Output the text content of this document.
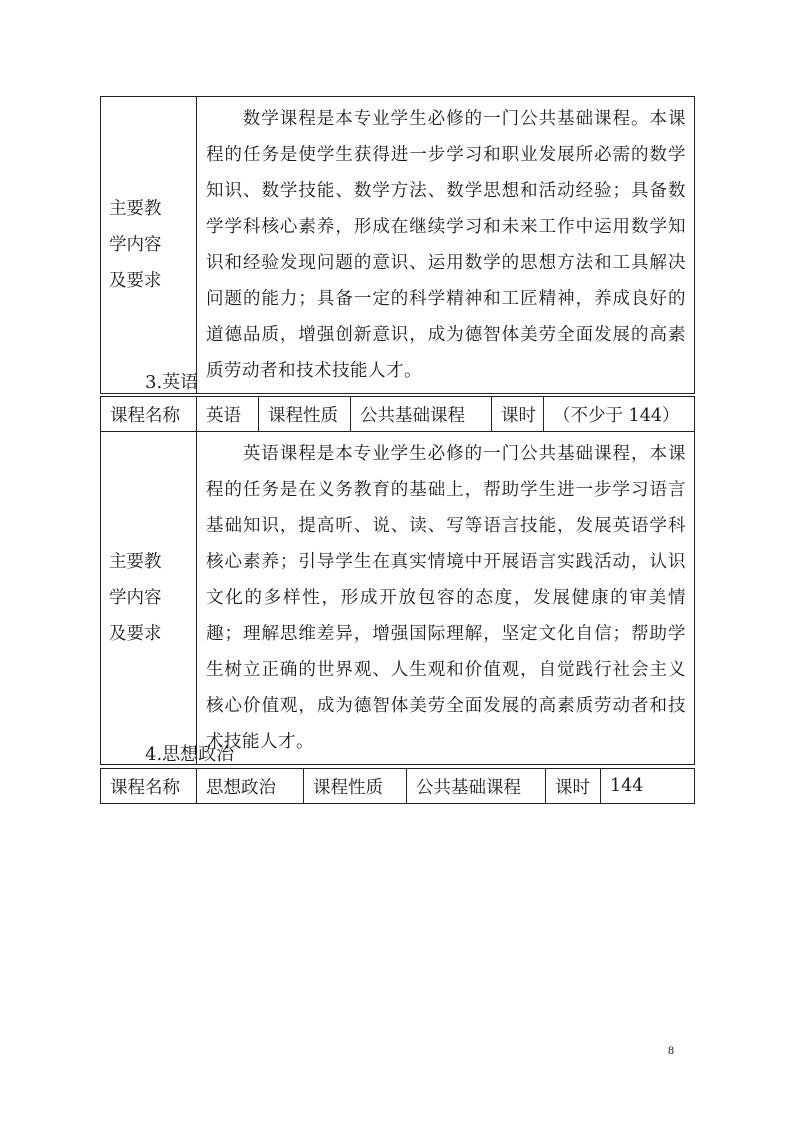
主要教
学内容
及要求

数学课程是本专业学生必修的一门公共基础课程。本课程的任务是使学生获得进一步学习和职业发展所必需的数学知识、数学技能、数学方法、数学思想和活动经验；具备数学学科核心素养，形成在继续学习和未来工作中运用数学知识和经验发现问题的意识、运用数学的思想方法和工具解决问题的能力；具备一定的科学精神和工匠精神，养成良好的道德品质，增强创新意识，成为德智体美劳全面发展的高素质劳动者和技术技能人才。

3.英语
课程名称	英语	课程性质	公共基础课程	课时	（不少于 144）
主要教
学内容
及要求

英语课程是本专业学生必修的一门公共基础课程，本课程的任务是在义务教育的基础上，帮助学生进一步学习语言基础知识，提高听、说、读、写等语言技能，发展英语学科核心素养；引导学生在真实情境中开展语言实践活动，认识文化的多样性，形成开放包容的态度，发展健康的审美情趣；理解思维差异，增强国际理解，坚定文化自信；帮助学生树立正确的世界观、人生观和价值观，自觉践行社会主义核心价值观，成为德智体美劳全面发展的高素质劳动者和技术技能人才。

4.思想政治
课程名称	思想政治	课程性质	公共基础课程	课时	144
8
